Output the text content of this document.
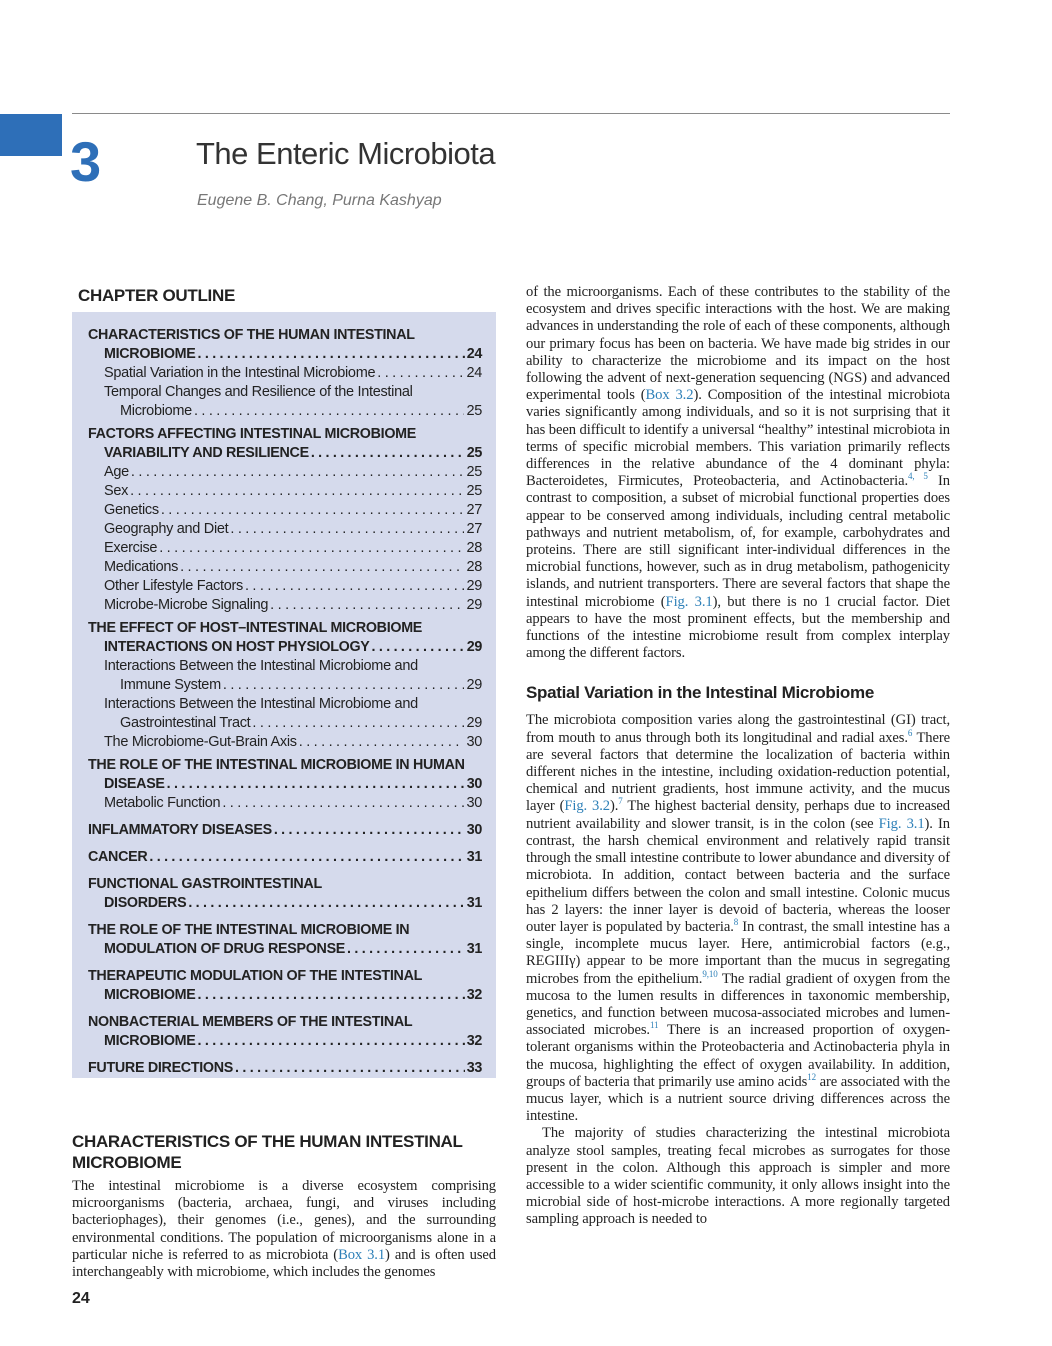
3	The Enteric Microbiota
Eugene B. Chang, Purna Kashyap
CHAPTER OUTLINE
CHARACTERISTICS OF THE HUMAN INTESTINAL
MICROBIOME . . .	24
Spatial Variation in the Intestinal Microbiome . . .	24
Temporal Changes and Resilience of the Intestinal
Microbiome . . .	25
FACTORS AFFECTING INTESTINAL MICROBIOME
VARIABILITY AND RESILIENCE . . .	25
Age . . .	25
Sex . . .	25
Genetics . . .	27
Geography and Diet . . .	27
Exercise . . .	28
Medications . . .	28
Other Lifestyle Factors . . .	29
Microbe-Microbe Signaling . . .	29
THE EFFECT OF HOST–INTESTINAL MICROBIOME
INTERACTIONS ON HOST PHYSIOLOGY . . .	29
Interactions Between the Intestinal Microbiome and
Immune System . . .	29
Interactions Between the Intestinal Microbiome and
Gastrointestinal Tract . . .	29
The Microbiome-Gut-Brain Axis . . .	30
THE ROLE OF THE INTESTINAL MICROBIOME IN HUMAN
DISEASE . . .	30
Metabolic Function . . .	30
INFLAMMATORY DISEASES . . .	30
CANCER . . .	31
FUNCTIONAL GASTROINTESTINAL
DISORDERS . . .	31
THE ROLE OF THE INTESTINAL MICROBIOME IN
MODULATION OF DRUG RESPONSE . . .	31
THERAPEUTIC MODULATION OF THE INTESTINAL
MICROBIOME . . .	32
NONBACTERIAL MEMBERS OF THE INTESTINAL
MICROBIOME . . .	32
FUTURE DIRECTIONS . . .	33
CHARACTERISTICS OF THE HUMAN INTESTINAL MICROBIOME

The intestinal microbiome is a diverse ecosystem comprising microorganisms (bacteria, archaea, fungi, and viruses including bacteriophages), their genomes (i.e., genes), and the surrounding environmental conditions. The population of microorganisms alone in a particular niche is referred to as microbiota (Box 3.1) and is often used interchangeably with microbiome, which includes the genomes

of the microorganisms. Each of these contributes to the stability of the ecosystem and drives specific interactions with the host. We are making advances in understanding the role of each of these components, although our primary focus has been on bacteria. We have made big strides in our ability to characterize the microbiome and its impact on the host following the advent of next-generation sequencing (NGS) and advanced experimental tools (Box 3.2). Composition of the intestinal microbiota varies significantly among individuals, and so it is not surprising that it has been difficult to identify a universal “healthy” intestinal microbiota in terms of specific microbial members. This variation primarily reflects differences in the relative abundance of the 4 dominant phyla: Bacteroidetes, Firmicutes, Proteobacteria, and Actinobacteria.$^{4, 5}$ In contrast to composition, a subset of microbial functional properties does appear to be conserved among individuals, including central metabolic pathways and nutrient metabolism, of, for example, carbohydrates and proteins. There are still significant inter-individual differences in the microbial functions, however, such as in drug metabolism, pathogenicity islands, and nutrient transporters. There are several factors that shape the intestinal microbiome (Fig. 3.1), but there is no 1 crucial factor. Diet appears to have the most prominent effects, but the membership and functions of the intestine microbiome result from complex interplay among the different factors.

Spatial Variation in the Intestinal Microbiome

The microbiota composition varies along the gastrointestinal (GI) tract, from mouth to anus through both its longitudinal and radial axes.$^6$ There are several factors that determine the localization of bacteria within different niches in the intestine, including oxidation-reduction potential, chemical and nutrient gradients, host immune activity, and the mucus layer (Fig. 3.2).$^7$ The highest bacterial density, perhaps due to increased nutrient availability and slower transit, is in the colon (see Fig. 3.1). In contrast, the harsh chemical environment and relatively rapid transit through the small intestine contribute to lower abundance and diversity of microbiota. In addition, contact between bacteria and the surface epithelium differs between the colon and small intestine. Colonic mucus has 2 layers: the inner layer is devoid of bacteria, whereas the looser outer layer is populated by bacteria.$^8$ In contrast, the small intestine has a single, incomplete mucus layer. Here, antimicrobial factors (e.g., REGIIIγ) appear to be more important than the mucus in segregating microbes from the epithelium.$^{9,10}$ The radial gradient of oxygen from the mucosa to the lumen results in differences in taxonomic membership, genetics, and function between mucosa-associated microbes and lumen-associated microbes.$^{11}$ There is an increased proportion of oxygen-tolerant organisms within the Proteobacteria and Actinobacteria phyla in the mucosa, highlighting the effect of oxygen availability. In addition, groups of bacteria that primarily use amino acids$^{12}$ are associated with the mucus layer, which is a nutrient source driving differences across the intestine.

The majority of studies characterizing the intestinal microbiota analyze stool samples, treating fecal microbes as surrogates for those present in the colon. Although this approach is simpler and more accessible to a wider scientific community, it only allows insight into the microbial side of host-microbe interactions. A more regionally targeted sampling approach is needed to

24
